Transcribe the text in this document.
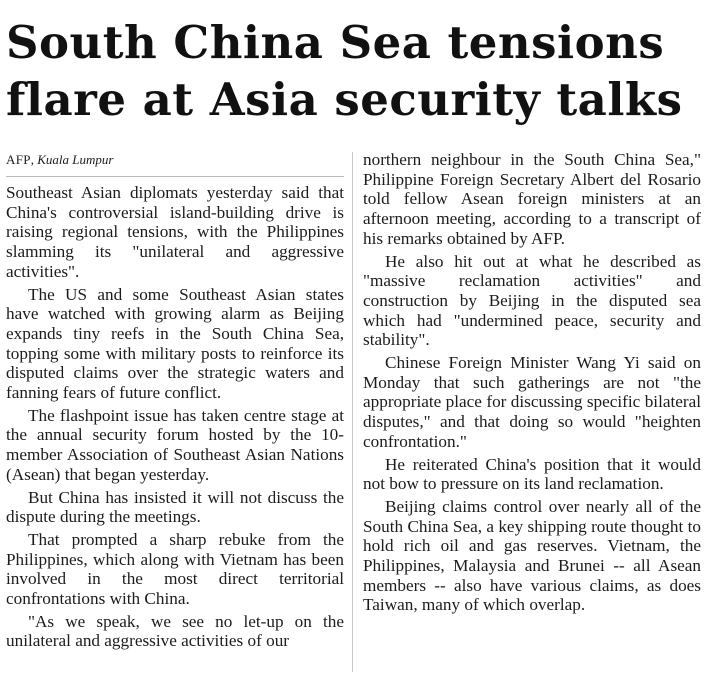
South China Sea tensions
flare at Asia security talks
AFP, Kuala Lumpur

Southeast Asian diplomats yesterday said that China's controversial island-building drive is raising regional tensions, with the Philippines slamming its "unilateral and aggressive activities".

The US and some Southeast Asian states have watched with growing alarm as Beijing expands tiny reefs in the South China Sea, topping some with military posts to reinforce its disputed claims over the strategic waters and fanning fears of future conflict.

The flashpoint issue has taken centre stage at the annual security forum hosted by the 10-member Association of Southeast Asian Nations (Asean) that began yesterday.

But China has insisted it will not discuss the dispute during the meetings.

That prompted a sharp rebuke from the Philippines, which along with Vietnam has been involved in the most direct territorial confrontations with China.

"As we speak, we see no let-up on the unilateral and aggressive activities of our

northern neighbour in the South China Sea," Philippine Foreign Secretary Albert del Rosario told fellow Asean foreign ministers at an afternoon meeting, according to a transcript of his remarks obtained by AFP.

He also hit out at what he described as "massive reclamation activities" and construction by Beijing in the disputed sea which had "undermined peace, security and stability".

Chinese Foreign Minister Wang Yi said on Monday that such gatherings are not "the appropriate place for discussing specific bilateral disputes," and that doing so would "heighten confrontation."

He reiterated China's position that it would not bow to pressure on its land reclamation.

Beijing claims control over nearly all of the South China Sea, a key shipping route thought to hold rich oil and gas reserves. Vietnam, the Philippines, Malaysia and Brunei -- all Asean members -- also have various claims, as does Taiwan, many of which overlap.
